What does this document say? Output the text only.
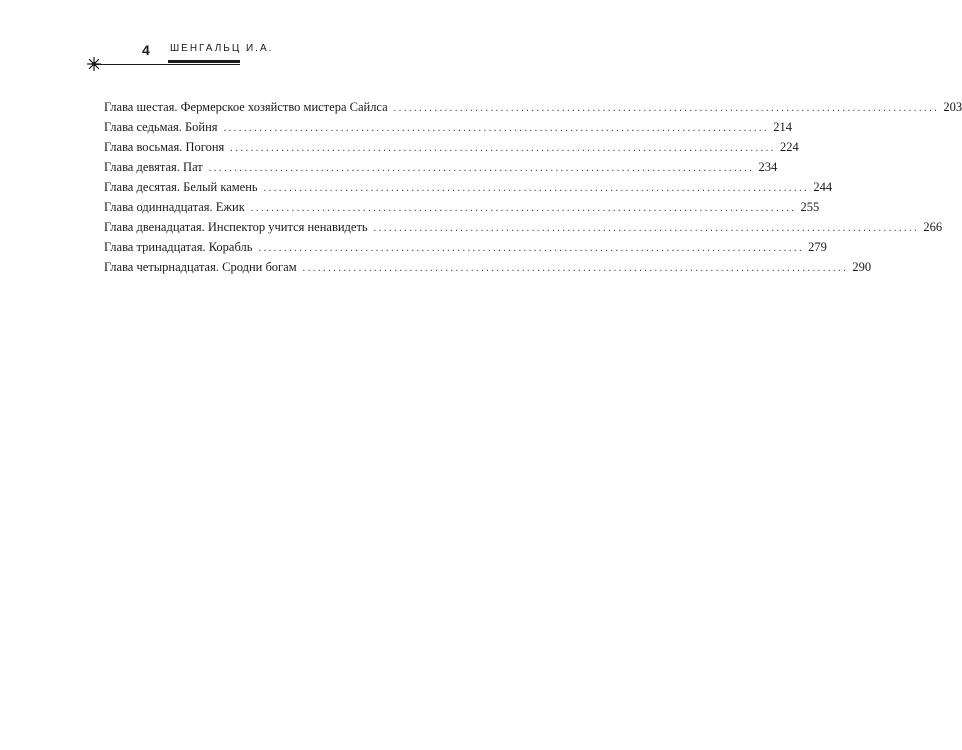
4 ШЕНГАЛЬЦ И.А.
Глава шестая. Фермерское хозяйство мистера Сайлса ........................................................................................................... 203
Глава седьмая. Бойня ........................................................................................................... 214
Глава восьмая. Погоня ........................................................................................................... 224
Глава девятая. Пат ........................................................................................................... 234
Глава десятая. Белый камень ........................................................................................................... 244
Глава одиннадцатая. Ежик ........................................................................................................... 255
Глава двенадцатая. Инспектор учится ненавидеть ........................................................................................................... 266
Глава тринадцатая. Корабль ........................................................................................................... 279
Глава четырнадцатая. Сродни богам ........................................................................................................... 290
